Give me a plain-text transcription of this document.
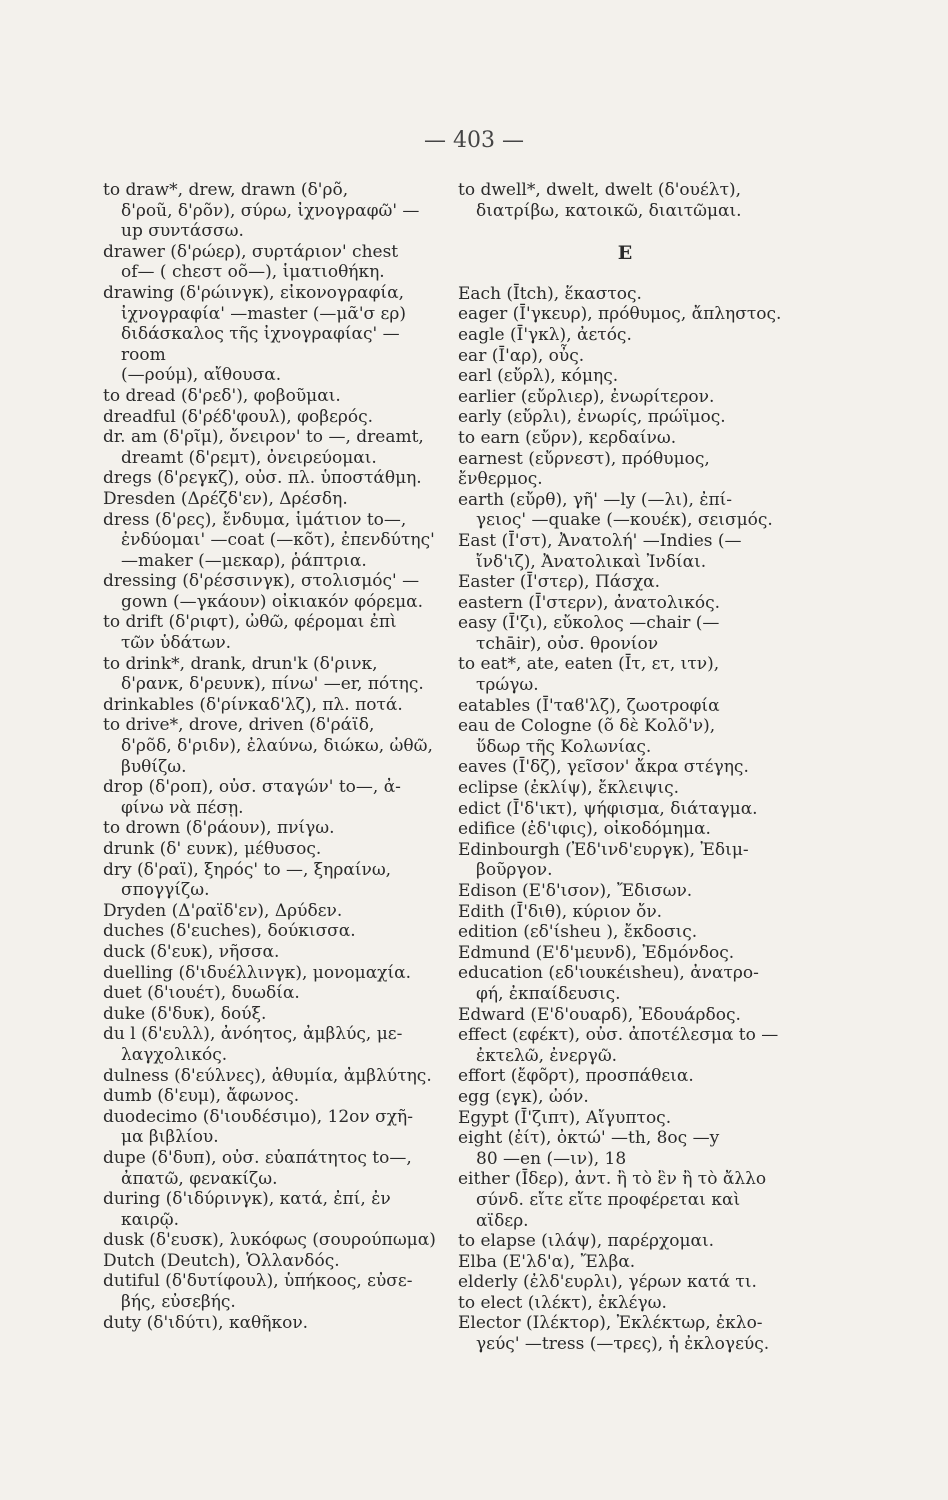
— 403 —
to draw*, drew, drawn (δ'ρõ,
δ'ροũ, δ'ρõν), σύρω, ἰχνογραφῶ' —
up συντάσσω.
drawer (δ'ρώερ), συρτάριον' chest
of— ( chεστ οõ—), ἱματιοθήκη.
drawing (δ'ρώινγκ), εἰκονογραφία,
ἰχνογραφία' —master (—μᾶ'σ ερ)
διδάσκαλος τῆς ἰχνογραφίας' —room
(—ρούμ), αἴθουσα.
to dread (δ'ρεδ'), φοβοῦμαι.
dreadful (δ'ρέδ'φουλ), φοβερός.
dr. am (δ'ρῖμ), ὄνειρον' to —, dreamt,
dreamt (δ'ρεμτ), ὀνειρεύομαι.
dregs (δ'ρεγκζ), οὐσ. πλ. ὑποστάθμη.
Dresden (Δρέζδ'εν), Δρέσδη.
dress (δ'ρες), ἔνδυμα, ἱμάτιον to—,
ἐνδύομαι' —coat (—κõτ), ἐπενδύτης'
—maker (—μεκαρ), ῥάπτρια.
dressing (δ'ρέσσινγκ), στολισμός' —
gown (—γκάουν) οἰκιακόν φόρεμα.
to drift (δ'ριφτ), ὠθῶ, φέρομαι ἐπὶ
τῶν ὑδάτων.
to drink*, drank, drun'k (δ'ρινκ,
δ'ρανκ, δ'ρευνκ), πίνω' —er, πότης.
drinkables (δ'ρίνκαδ'λζ), πλ. ποτά.
to drive*, drove, driven (δ'ράϊδ,
δ'ρõδ, δ'ριδν), ἐλαύνω, διώκω, ὠθῶ,
βυθίζω.
drop (δ'ροπ), οὐσ. σταγών' to—, ἀ-
φίνω νὰ πέσῃ.
to drown (δ'ράουν), πνίγω.
drunk (δ' ευνκ), μέθυσος.
dry (δ'ραϊ), ξηρός' to —, ξηραίνω,
σπογγίζω.
Dryden (Δ'ραϊδ'εν), Δρύδεν.
duches (δ'εuches), δούκισσα.
duck (δ'ευκ), νῆσσα.
duelling (δ'ιδυέλλινγκ), μονομαχία.
duet (δ'ιουέτ), δυωδία.
duke (δ'δυκ), δούξ.
du l (δ'ευλλ), ἀνόητος, ἀμβλύς, με-
λαγχολικός.
dulness (δ'εύλνες), ἀθυμία, ἀμβλύτης.
dumb (δ'ευμ), ἄφωνος.
duodecimo (δ'ιουδέσιμο), 12ον σχῆ-
μα βιβλίου.
dupe (δ'δυπ), οὐσ. εὐαπάτητος to—,
ἀπατῶ, φενακίζω.
during (δ'ιδύρινγκ), κατά, ἐπί, ἐν
καιρῷ.
dusk (δ'ευσκ), λυκόφως (σουρούπωμα)
Dutch (Deutch), Ὁλλανδός.
dutiful (δ'δυτίφουλ), ὑπήκοος, εὐσε-
βής, εὐσεβής.
duty (δ'ιδύτι), καθῆκον.
to dwell*, dwelt, dwelt (δ'ουέλτ),
διατρίβω, κατοικῶ, διαιτῶμαι.
E
Each (Ῑtch), ἕκαστος.
eager (Ῑ'γκευρ), πρόθυμος, ἄπληστος.
eagle (Ῑ'γκλ), ἀετός.
ear (Ῑ'αρ), οὖς.
earl (εὔρλ), κόμης.
earlier (εὔρλιερ), ἐνωρίτερον.
early (εὔρλι), ἐνωρίς, πρώϊμος.
to earn (εὔρν), κερδαίνω.
earnest (εὔρνεστ), πρόθυμος, ἔνθερμος.
earth (εὔρθ), γῆ' —ly (—λι), ἐπί-
γειος' —quake (—κουέκ), σεισμός.
East (Ῑ'στ), Ἀνατολή' —Indies (—
ἴνδ'ιζ), Ἀνατολικαὶ Ἰνδίαι.
Easter (Ῑ'στερ), Πάσχα.
eastern (Ῑ'στερν), ἀνατολικός.
easy (Ῑ'ζι), εὔκολος —chair (—
τchāir), οὐσ. θρονίον
to eat*, ate, eaten (Īτ, ετ, ιτν),
τρώγω.
eatables (Ῑ'ταϐ'λζ), ζωοτροφία
eau de Cologne (õ δὲ Κολõ'ν),
ὕδωρ τῆς Κολωνίας.
eaves (Ῑ'δζ), γεῖσον' ἄκρα στέγης.
eclipse (ἐκλίψ), ἔκλειψις.
edict (Ῑ'δ'ικτ), ψήφισμα, διάταγμα.
edifice (ἐδ'ιφις), οἰκοδόμημα.
Edinbourgh (Ἐδ'ινδ'ευργκ), Ἐδιμ-
βοῦργον.
Edison (Ε'δ'ισον), Ἔδισων.
Edith (Ῑ'διθ), κύριον ὄν.
edition (εδ'ίsheu ), ἔκδοσις.
Edmund (Ε'δ'μευνδ), Ἐδμόνδος.
education (εδ'ιουκέιsheu), ἀνατρο-
φή, ἐκπαίδευσις.
Edward (Ε'δ'ουαρδ), Ἐδουάρδος.
effect (εφέκτ), οὐσ. ἀποτέλεσμα to —
ἐκτελῶ, ἐνεργῶ.
effort (ἔφõρτ), προσπάθεια.
egg (εγκ), ὠόν.
Egypt (Ῑ'ζιπτ), Αἴγυπτος.
eight (ἐίτ), ὀκτώ' —th, 8ος —y
80 —en (—ιν), 18
either (Ῑδερ), ἀντ. ἢ τὸ ἓν ἢ τὸ ἄλλο
σύνδ. εἴτε εἴτε προφέρεται καὶ αϊδερ.
to elapse (ιλάψ), παρέρχομαι.
Elba (Ε'λδ'α), Ἔλβα.
elderly (ἐλδ'ευρλι), γέρων κατά τι.
to elect (ιλέκτ), ἐκλέγω.
Elector (Ιλέκτορ), Ἐκλέκτωρ, ἐκλο-
γεύς' —tress (—τρες), ἡ ἐκλογεύς.
